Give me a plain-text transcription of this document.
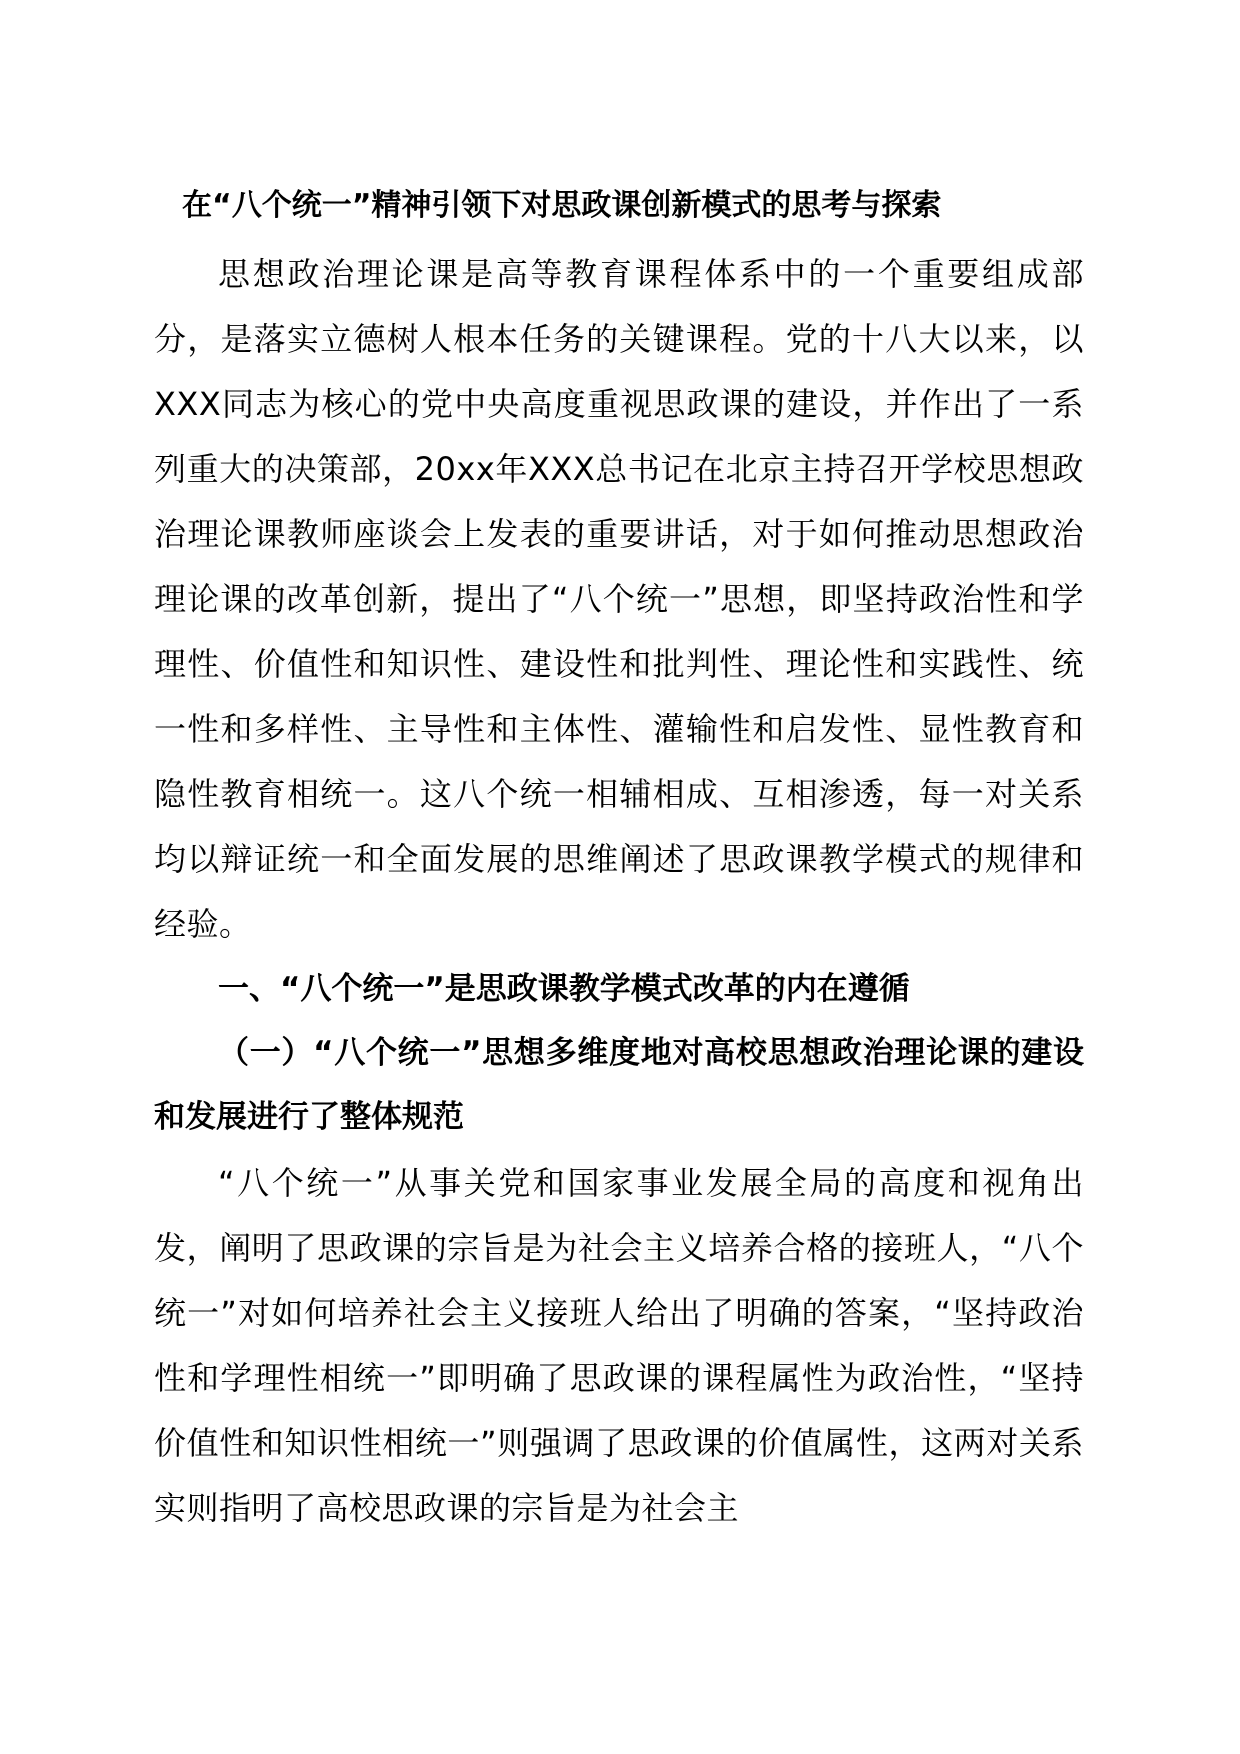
在“八个统一”精神引领下对思政课创新模式的思考与探索

思想政治理论课是高等教育课程体系中的一个重要组成部分，是落实立德树人根本任务的关键课程。党的十八大以来，以XXX同志为核心的党中央高度重视思政课的建设，并作出了一系列重大的决策部，20xx年XXX总书记在北京主持召开学校思想政治理论课教师座谈会上发表的重要讲话，对于如何推动思想政治理论课的改革创新，提出了“八个统一”思想，即坚持政治性和学理性、价值性和知识性、建设性和批判性、理论性和实践性、统一性和多样性、主导性和主体性、灌输性和启发性、显性教育和隐性教育相统一。这八个统一相辅相成、互相渗透，每一对关系均以辩证统一和全面发展的思维阐述了思政课教学模式的规律和经验。

一、“八个统一”是思政课教学模式改革的内在遵循
（一）“八个统一”思想多维度地对高校思想政治理论课的建设和发展进行了整体规范

“八个统一”从事关党和国家事业发展全局的高度和视角出发，阐明了思政课的宗旨是为社会主义培养合格的接班人，“八个统一”对如何培养社会主义接班人给出了明确的答案，“坚持政治性和学理性相统一”即明确了思政课的课程属性为政治性，“坚持价值性和知识性相统一”则强调了思政课的价值属性，这两对关系实则指明了高校思政课的宗旨是为社会主
